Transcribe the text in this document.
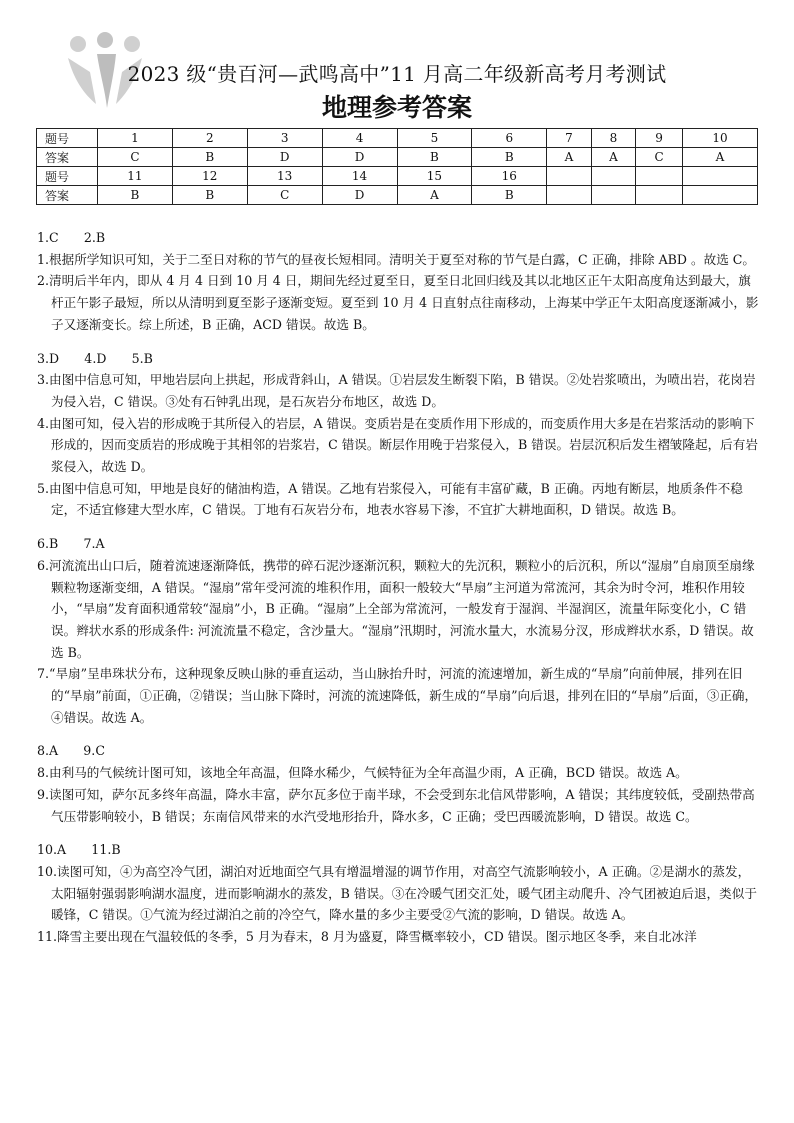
2023 级“贵百河—武鸣高中”11 月高二年级新高考月考测试
地理参考答案
题号	1	2	3	4	5	6	7	8	9	10
答案	C	B	D	D	B	B	A	A	C	A
题号	11	12	13	14	15	16				
答案	B	B	C	D	A	B				

1.C　　2.B

1.根据所学知识可知，关于二至日对称的节气的昼夜长短相同。清明关于夏至对称的节气是白露，C 正确，排除 ABD 。故选 C。

2.清明后半年内，即从 4 月 4 日到 10 月 4 日，期间先经过夏至日，夏至日北回归线及其以北地区正午太阳高度角达到最大，旗杆正午影子最短，所以从清明到夏至影子逐渐变短。夏至到 10 月 4 日直射点往南移动，上海某中学正午太阳高度逐渐减小，影子又逐渐变长。综上所述，B 正确，ACD 错误。故选 B。

3.D　　4.D　　5.B

3.由图中信息可知，甲地岩层向上拱起，形成背斜山，A 错误。①岩层发生断裂下陷，B 错误。②处岩浆喷出，为喷出岩，花岗岩为侵入岩，C 错误。③处有石钟乳出现，是石灰岩分布地区，故选 D。

4.由图可知，侵入岩的形成晚于其所侵入的岩层，A 错误。变质岩是在变质作用下形成的，而变质作用大多是在岩浆活动的影响下形成的，因而变质岩的形成晚于其相邻的岩浆岩，C 错误。断层作用晚于岩浆侵入，B 错误。岩层沉积后发生褶皱隆起，后有岩浆侵入，故选 D。

5.由图中信息可知，甲地是良好的储油构造，A 错误。乙地有岩浆侵入，可能有丰富矿藏，B 正确。丙地有断层，地质条件不稳定，不适宜修建大型水库，C 错误。丁地有石灰岩分布，地表水容易下渗，不宜扩大耕地面积，D 错误。故选 B。

6.B　　7.A

6.河流流出山口后，随着流速逐渐降低，携带的碎石泥沙逐渐沉积，颗粒大的先沉积，颗粒小的后沉积，所以“湿扇”自扇顶至扇缘颗粒物逐渐变细，A 错误。“湿扇”常年受河流的堆积作用，面积一般较大“旱扇”主河道为常流河，其余为时令河，堆积作用较小，“旱扇”发育面积通常较“湿扇”小，B 正确。“湿扇”上全部为常流河，一般发育于湿润、半湿润区，流量年际变化小，C 错误。辫状水系的形成条件: 河流流量不稳定，含沙量大。“湿扇”汛期时，河流水量大，水流易分汊，形成辫状水系，D 错误。故选 B。

7.“旱扇”呈串珠状分布，这种现象反映山脉的垂直运动，当山脉抬升时，河流的流速增加，新生成的“旱扇”向前伸展，排列在旧的“旱扇”前面，①正确，②错误；当山脉下降时，河流的流速降低，新生成的“旱扇”向后退，排列在旧的“旱扇”后面，③正确，④错误。故选 A。

8.A　　9.C

8.由利马的气候统计图可知，该地全年高温，但降水稀少，气候特征为全年高温少雨，A 正确，BCD 错误。故选 A。

9.读图可知，萨尔瓦多终年高温，降水丰富，萨尔瓦多位于南半球，不会受到东北信风带影响，A 错误；其纬度较低，受副热带高气压带影响较小，B 错误；东南信风带来的水汽受地形抬升，降水多，C 正确；受巴西暖流影响，D 错误。故选 C。

10.A　　11.B

10.读图可知，④为高空冷气团，湖泊对近地面空气具有增温增湿的调节作用，对高空气流影响较小，A 正确。②是湖水的蒸发，太阳辐射强弱影响湖水温度，进而影响湖水的蒸发，B 错误。③在冷暖气团交汇处，暖气团主动爬升、冷气团被迫后退，类似于暖锋，C 错误。①气流为经过湖泊之前的冷空气，降水量的多少主要受②气流的影响，D 错误。故选 A。

11.降雪主要出现在气温较低的冬季，5 月为春末，8 月为盛夏，降雪概率较小，CD 错误。图示地区冬季，来自北冰洋
